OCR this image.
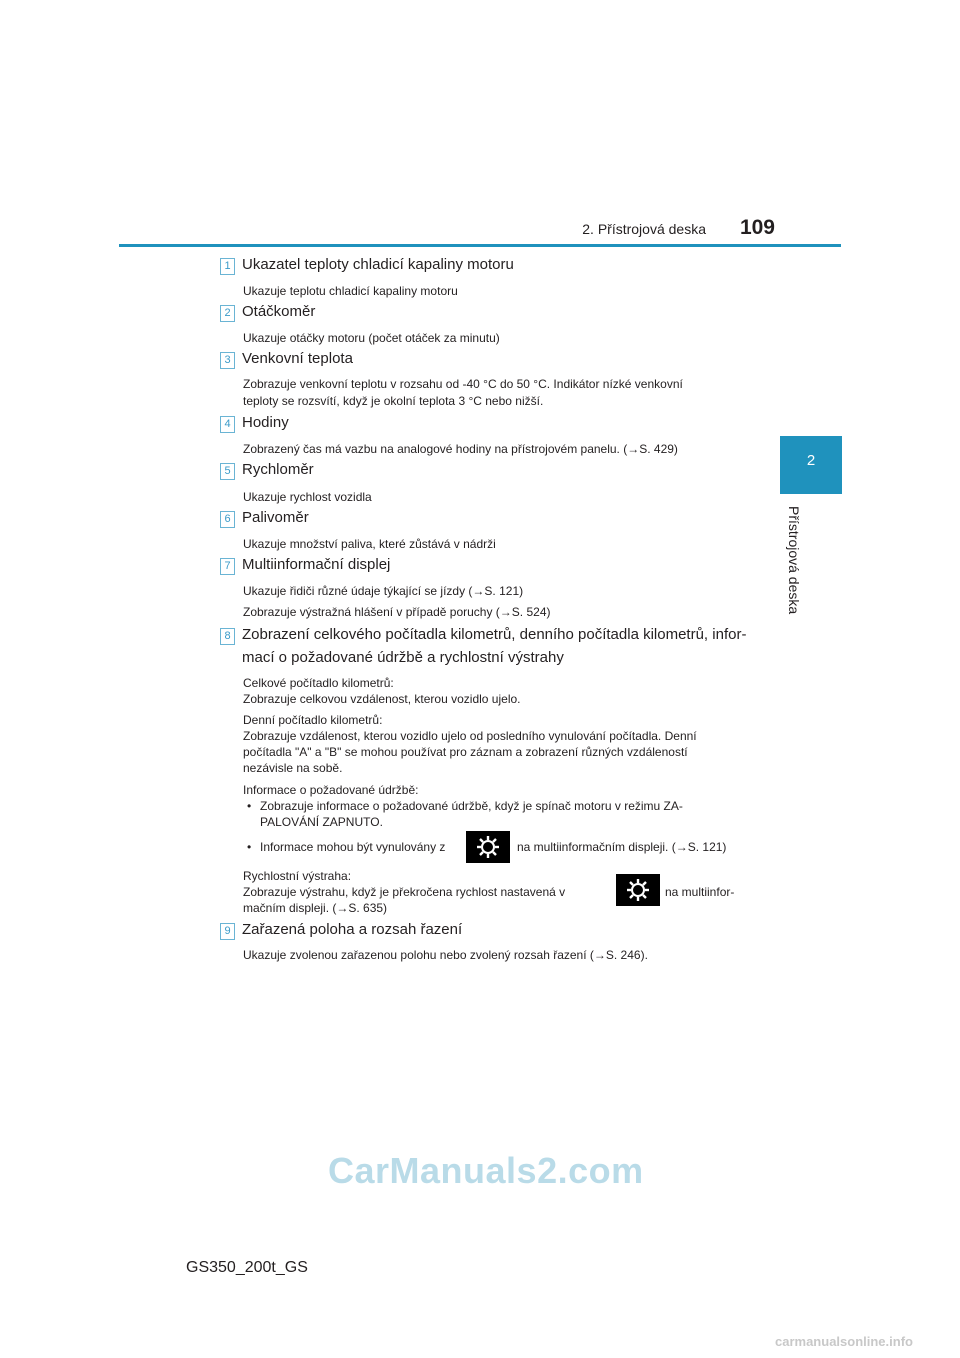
2. Přístrojová deska 109
2
Přístrojová deska
1 Ukazatel teploty chladicí kapaliny motoru
Ukazuje teplotu chladicí kapaliny motoru
2 Otáčkoměr
Ukazuje otáčky motoru (počet otáček za minutu)
3 Venkovní teplota
Zobrazuje venkovní teplotu v rozsahu od -40 °C do 50 °C. Indikátor nízké venkovní
teploty se rozsvítí, když je okolní teplota 3 °C nebo nižší.
4 Hodiny
Zobrazený čas má vazbu na analogové hodiny na přístrojovém panelu. (→S. 429)
5 Rychloměr
Ukazuje rychlost vozidla
6 Palivoměr
Ukazuje množství paliva, které zůstává v nádrži
7 Multiinformační displej
Ukazuje řidiči různé údaje týkající se jízdy (→S. 121)
Zobrazuje výstražná hlášení v případě poruchy (→S. 524)
8 Zobrazení celkového počítadla kilometrů, denního počítadla kilometrů, infor-
mací o požadované údržbě a rychlostní výstrahy
Celkové počítadlo kilometrů:
Zobrazuje celkovou vzdálenost, kterou vozidlo ujelo.
Denní počítadlo kilometrů:
Zobrazuje vzdálenost, kterou vozidlo ujelo od posledního vynulování počítadla. Denní
počítadla "A" a "B" se mohou používat pro záznam a zobrazení různých vzdáleností
nezávisle na sobě.
Informace o požadované údržbě:
• Zobrazuje informace o požadované údržbě, když je spínač motoru v režimu ZA-
PALOVÁNÍ ZAPNUTO.
• Informace mohou být vynulovány z	na multiinformačním displeji. (→S. 121)
Rychlostní výstraha:
Zobrazuje výstrahu, když je překročena rychlost nastavená v	na multiinfor-
mačním displeji. (→S. 635)
9 Zařazená poloha a rozsah řazení
Ukazuje zvolenou zařazenou polohu nebo zvolený rozsah řazení (→S. 246).
CarManuals2.com
GS350_200t_GS
carmanualsonline.info
